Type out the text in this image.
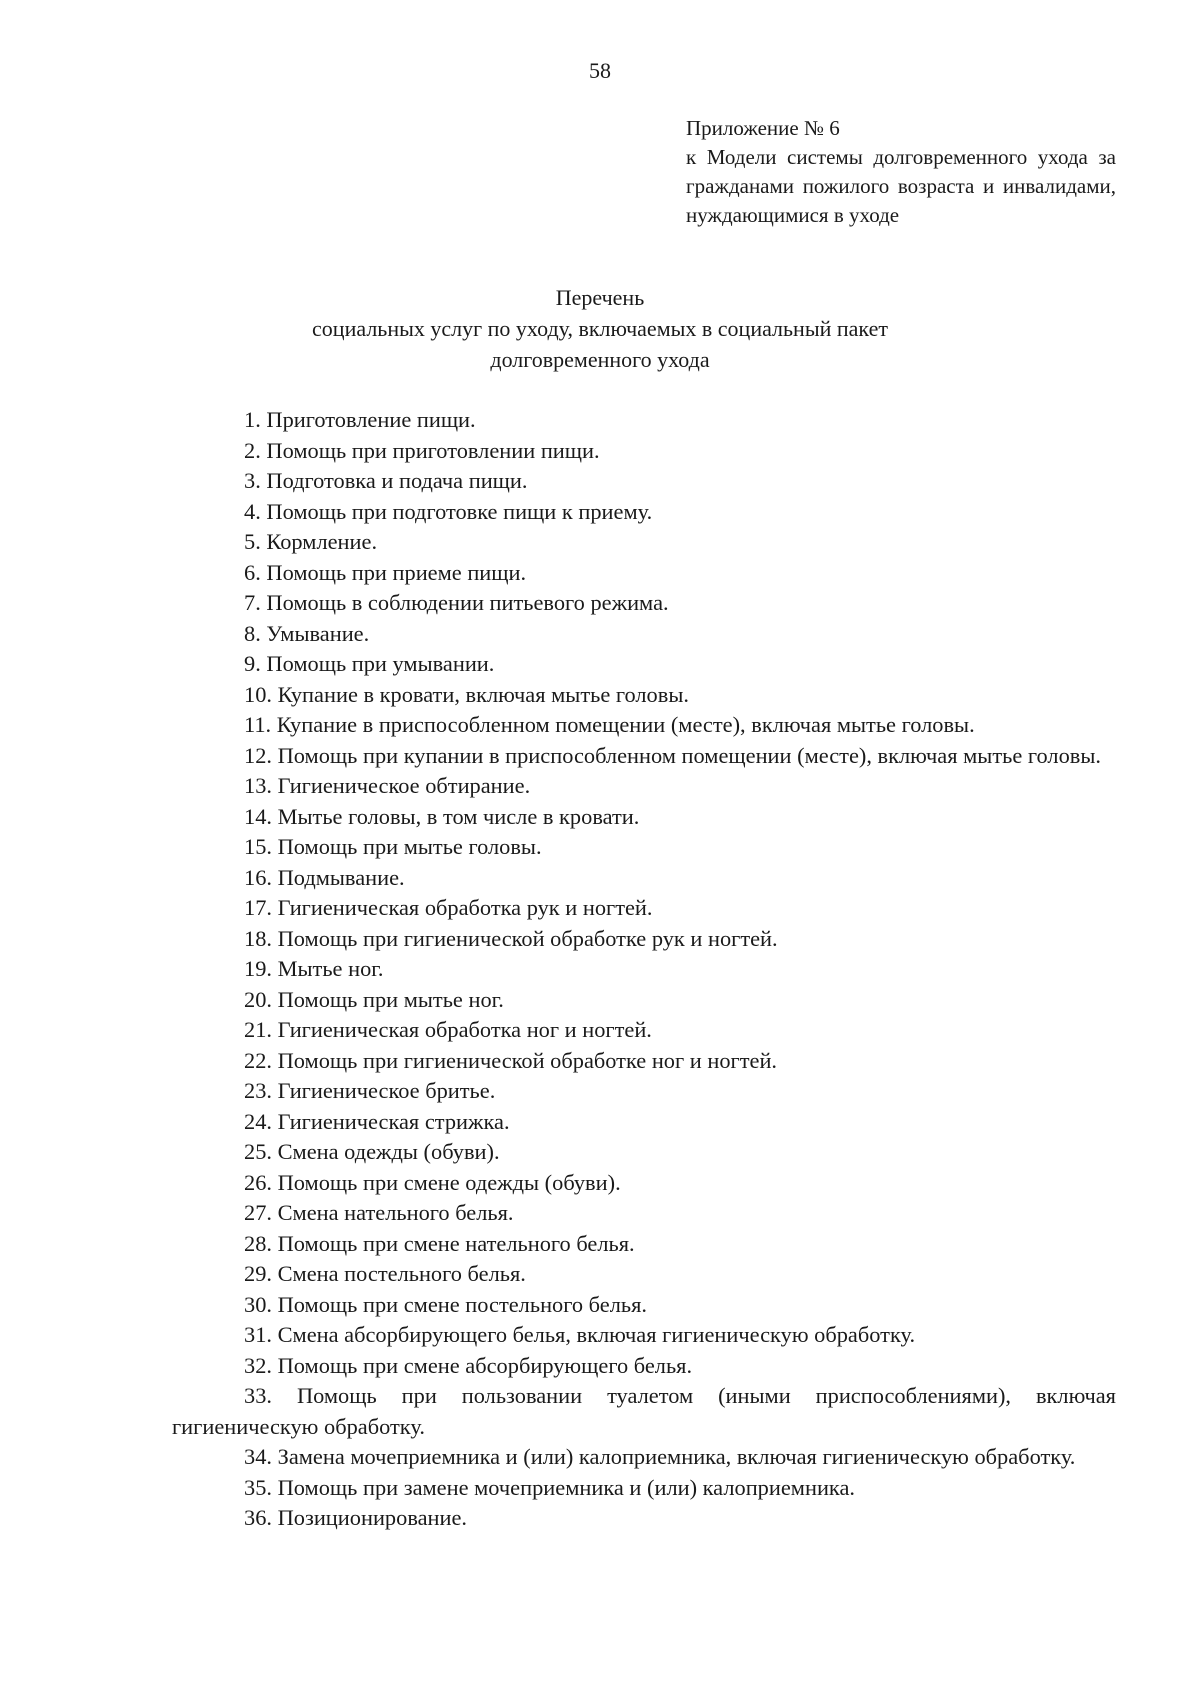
58
Приложение № 6

к Модели системы долговременного ухода за гражданами пожилого возраста и инвалидами, нуждающимися в уходе

Перечень
социальных услуг по уходу, включаемых в социальный пакет
долговременного ухода

1. Приготовление пищи.

2. Помощь при приготовлении пищи.

3. Подготовка и подача пищи.

4. Помощь при подготовке пищи к приему.

5. Кормление.

6. Помощь при приеме пищи.

7. Помощь в соблюдении питьевого режима.

8. Умывание.

9. Помощь при умывании.

10. Купание в кровати, включая мытье головы.

11. Купание в приспособленном помещении (месте), включая мытье головы.

12. Помощь при купании в приспособленном помещении (месте), включая мытье головы.

13. Гигиеническое обтирание.

14. Мытье головы, в том числе в кровати.

15. Помощь при мытье головы.

16. Подмывание.

17. Гигиеническая обработка рук и ногтей.

18. Помощь при гигиенической обработке рук и ногтей.

19. Мытье ног.

20. Помощь при мытье ног.

21. Гигиеническая обработка ног и ногтей.

22. Помощь при гигиенической обработке ног и ногтей.

23. Гигиеническое бритье.

24. Гигиеническая стрижка.

25. Смена одежды (обуви).

26. Помощь при смене одежды (обуви).

27. Смена нательного белья.

28. Помощь при смене нательного белья.

29. Смена постельного белья.

30. Помощь при смене постельного белья.

31. Смена абсорбирующего белья, включая гигиеническую обработку.

32. Помощь при смене абсорбирующего белья.

33. Помощь при пользовании туалетом (иными приспособлениями), включая гигиеническую обработку.

34. Замена мочеприемника и (или) калоприемника, включая гигиеническую обработку.

35. Помощь при замене мочеприемника и (или) калоприемника.

36. Позиционирование.
